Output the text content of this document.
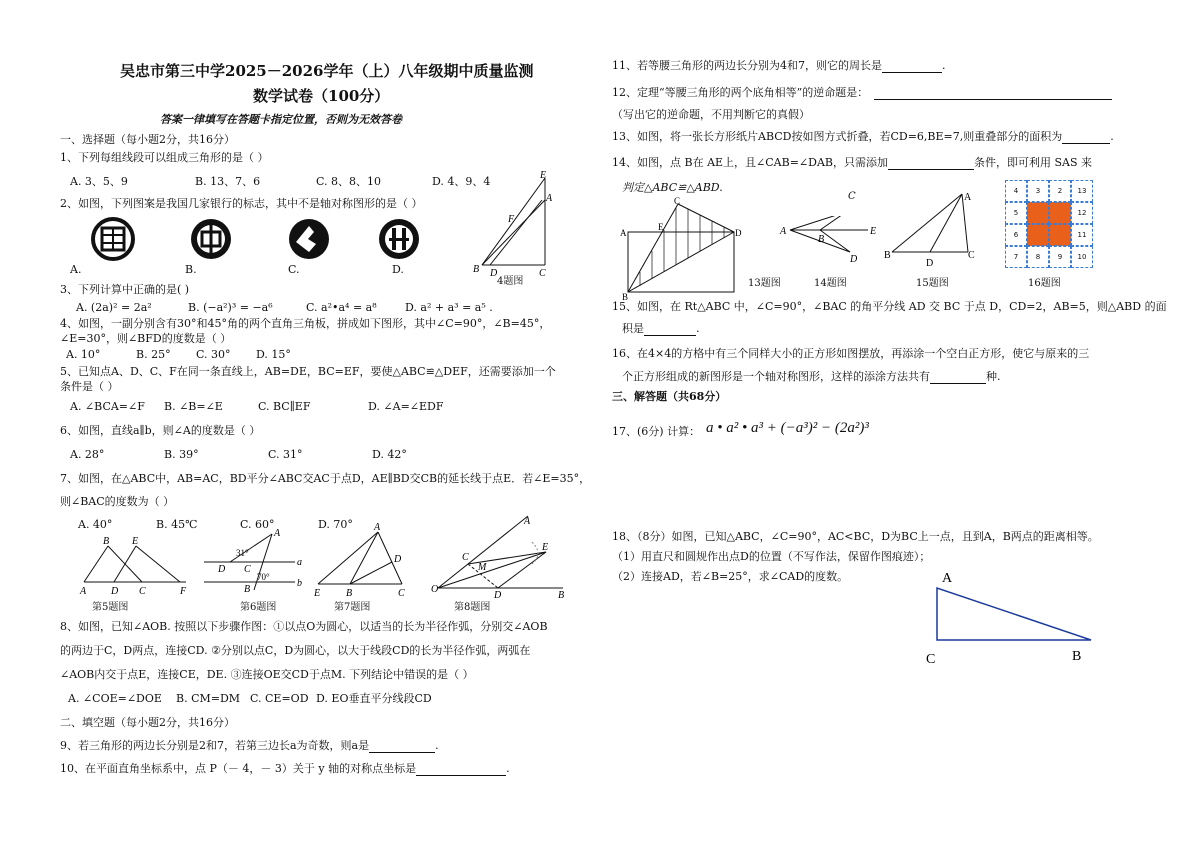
吴忠市第三中学2025－2026学年（上）八年级期中质量监测
数学试卷（100分）
答案一律填写在答题卡指定位置，否则为无效答卷
一、选择题（每小题2分，共16分）
1、下列每组线段可以组成三角形的是（ ）
A. 3、5、9	B. 13、7、6	C. 8、8、10	D. 4、9、4
2、如图，下列图案是我国几家银行的标志，其中不是轴对称图形的是（ ）
A.	B.	C.	D.
E
A
F
B D	C
4题图
3、下列计算中正确的是( )
A. (2a)² = 2a²	B. (−a²)³ = −a⁶	C. a²•a⁴ = a⁸	D. a² + a³ = a⁵ .
4、如图，一副分别含有30°和45°角的两个直角三角板，拼成如下图形，其中∠C=90°，∠B=45°，
∠E=30°，则∠BFD的度数是（ ）
A. 10°	B. 25° C. 30° D. 15°
5、已知点A、D、C、F在同一条直线上，AB=DE，BC=EF，要使△ABC≌△DEF，还需要添加一个
条件是（ ）
A. ∠BCA=∠F B. ∠B=∠E	C. BC∥EF	D. ∠A=∠EDF
6、如图，直线a∥b，则∠A的度数是（ ）
A. 28°	B. 39°	C. 31°	D. 42°
7、如图，在△ABC中，AB=AC，BD平分∠ABC交AC于点D，AE∥BD交CB的延长线于点E．若∠E=35°，
则∠BAC的度数为（ ）
A. 40°	B. 45℃	C. 60°	D. 70°
B E
A D C	F
第5题图
A
a
b
D C
B
31°
70°
第6题图
A
D
E	B	C
第7题图
A
C
M
E
O
D	B
第8题图
8、如图，已知∠AOB. 按照以下步骤作图：①以点O为圆心，以适当的长为半径作弧，分别交∠AOB
的两边于C，D两点，连接CD. ②分别以点C，D为圆心，以大于线段CD的长为半径作弧，两弧在
∠AOB内交于点E，连接CE，DE. ③连接OE交CD于点M. 下列结论中错误的是（ ）
A. ∠COE=∠DOE B. CM=DM C. CE=OD D. EO垂直平分线段CD
二、填空题（每小题2分，共16分）
9、若三角形的两边长分别是2和7，若第三边长a为奇数，则a是	.
10、在平面直角坐标系中，点 P（－ 4，－ 3）关于 y 轴的对称点坐标是	.
11、若等腰三角形的两边长分别为4和7，则它的周长是	.
12、定理“等腰三角形的两个底角相等”的逆命题是：
（写出它的逆命题，不用判断它的真假）
13、如图，将一张长方形纸片ABCD按如图方式折叠，若CD=6,BE=7,则重叠部分的面积为	.
14、如图，点 B在 AE上，且∠CAB=∠DAB，只需添加	条件，即可利用 SAS 来
判定△ABC≌△ABD.
C
E
A	D
B
13题图
A
B
E
D
C
14题图
A
B	C
D
15题图
4	3	2	13
5	12
6	11
7	8	9	10
16题图
15、如图，在 Rt△ABC 中，∠C=90°，∠BAC 的角平分线 AD 交 BC 于点 D，CD=2，AB=5，则△ABD 的面
积是	.
16、在4×4的方格中有三个同样大小的正方形如图摆放，再添涂一个空白正方形，使它与原来的三
个正方形组成的新图形是一个轴对称图形，这样的添涂方法共有	种.
三、解答题（共68分）
17、(6分) 计算： a • a² • a³ + (−a³)² − (2a²)³
18、（8分）如图，已知△ABC，∠C=90°，AC<BC，D为BC上一点，且到A，B两点的距离相等。
（1）用直尺和圆规作出点D的位置（不写作法，保留作图痕迹）；
（2）连接AD，若∠B=25°，求∠CAD的度数。	A
C	B
